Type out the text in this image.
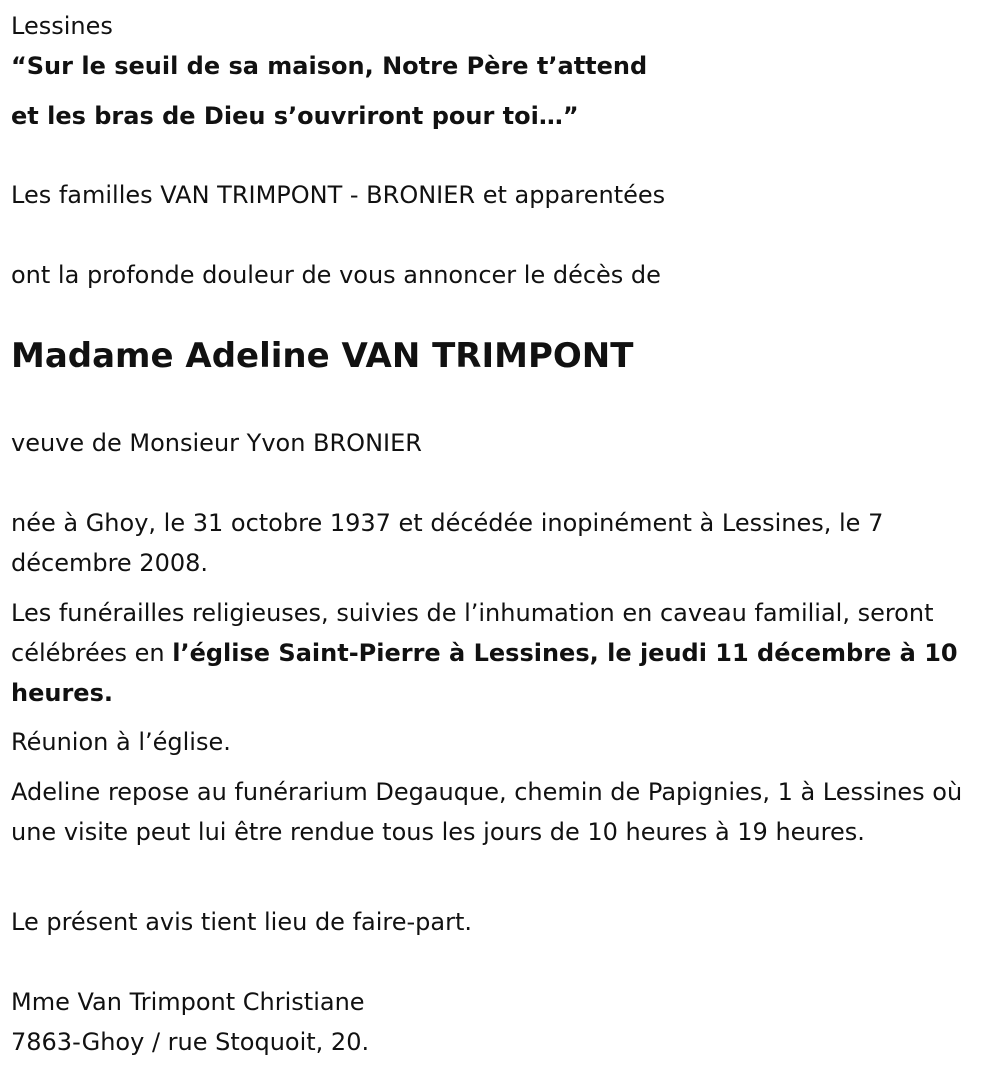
Lessines
“Sur le seuil de sa maison, Notre Père t’attend
et les bras de Dieu s’ouvriront pour toi…”
Les familles VAN TRIMPONT - BRONIER et apparentées
ont la profonde douleur de vous annoncer le décès de
Madame Adeline VAN TRIMPONT
veuve de Monsieur Yvon BRONIER
née à Ghoy, le 31 octobre 1937 et décédée inopinément à Lessines, le 7 décembre 2008.
Les funérailles religieuses, suivies de l’inhumation en caveau familial, seront célébrées en l’église Saint-Pierre à Lessines, le jeudi 11 décembre à 10 heures.
Réunion à l’église.
Adeline repose au funérarium Degauque, chemin de Papignies, 1 à Lessines où une visite peut lui être rendue tous les jours de 10 heures à 19 heures.
Le présent avis tient lieu de faire-part.
Mme Van Trimpont Christiane
7863-Ghoy / rue Stoquoit, 20.
